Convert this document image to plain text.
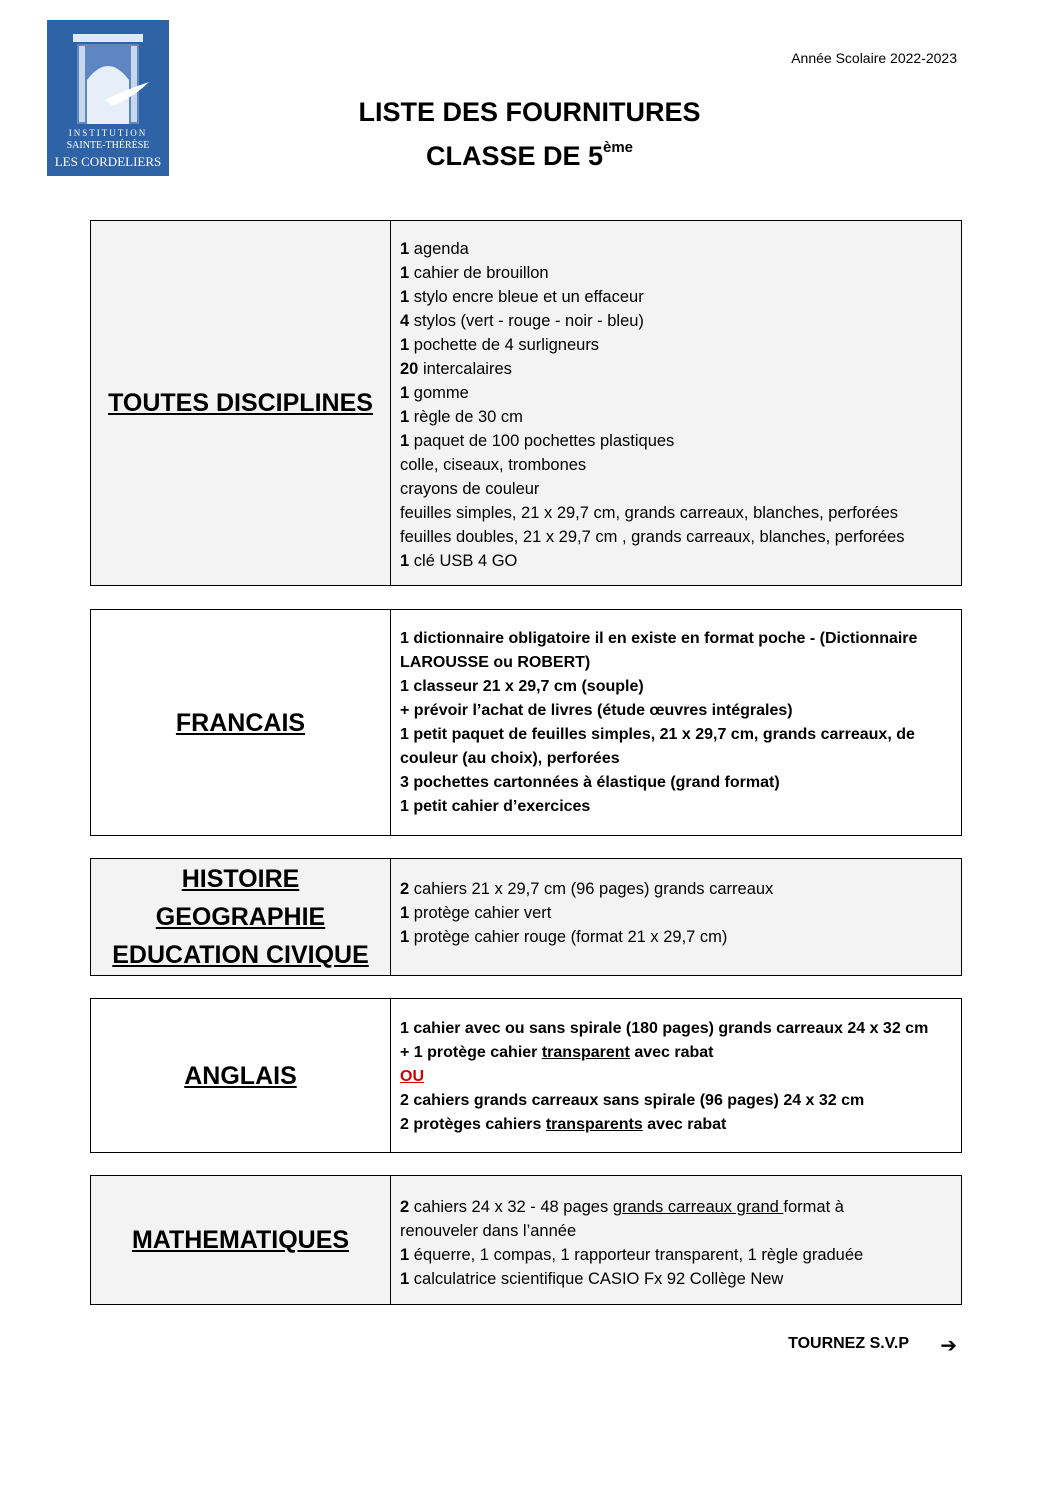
INSTITUTION
SAINTE-THÉRÈSE
LES CORDELIERS
Année Scolaire 2022-2023
LISTE DES FOURNITURES
CLASSE DE 5ème
TOUTES DISCIPLINES
1 agenda
1 cahier de brouillon
1 stylo encre bleue et un effaceur
4 stylos (vert - rouge - noir - bleu)
1 pochette de 4 surligneurs
20 intercalaires
1 gomme
1 règle de 30 cm
1 paquet de 100 pochettes plastiques
colle, ciseaux, trombones
crayons de couleur
feuilles simples, 21 x 29,7 cm, grands carreaux, blanches, perforées
feuilles doubles, 21 x 29,7 cm , grands carreaux, blanches, perforées
1 clé USB 4 GO
FRANCAIS
1 dictionnaire obligatoire il en existe en format poche - (Dictionnaire
LAROUSSE ou ROBERT)
1 classeur 21 x 29,7 cm (souple)
+ prévoir l’achat de livres (étude œuvres intégrales)
1 petit paquet de feuilles simples, 21 x 29,7 cm, grands carreaux, de
couleur (au choix), perforées
3 pochettes cartonnées à élastique (grand format)
1 petit cahier d’exercices
HISTOIRE
GEOGRAPHIE
EDUCATION CIVIQUE
2 cahiers 21 x 29,7 cm (96 pages) grands carreaux
1 protège cahier vert
1 protège cahier rouge (format 21 x 29,7 cm)
ANGLAIS
1 cahier avec ou sans spirale (180 pages) grands carreaux 24 x 32 cm
+ 1 protège cahier transparent avec rabat
OU
2 cahiers grands carreaux sans spirale (96 pages) 24 x 32 cm
2 protèges cahiers transparents avec rabat
MATHEMATIQUES
2 cahiers 24 x 32 - 48 pages grands carreaux grand format à
renouveler dans l’année
1 équerre, 1 compas, 1 rapporteur transparent, 1 règle graduée
1 calculatrice scientifique CASIO Fx 92 Collège New
TOURNEZ S.V.P ➔
